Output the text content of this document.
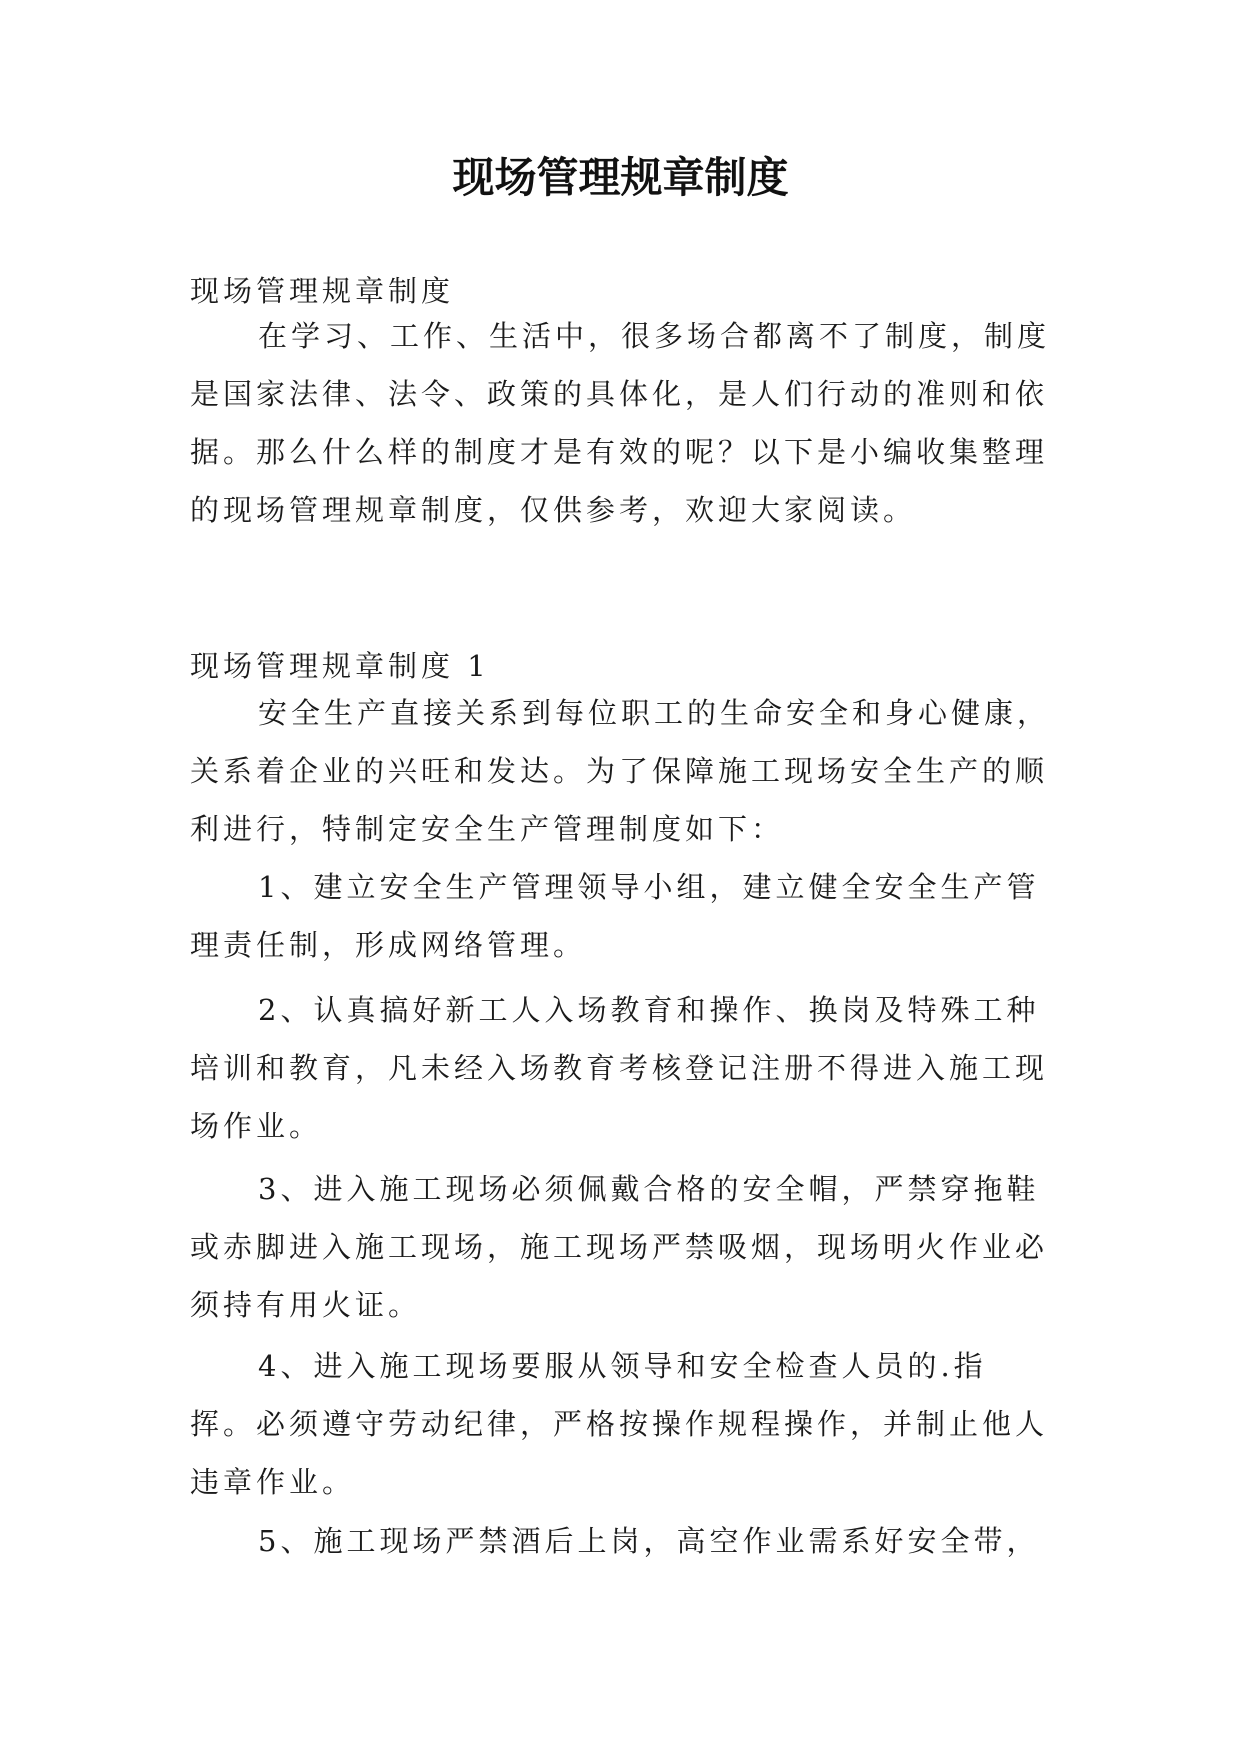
现场管理规章制度
现场管理规章制度

在学习、工作、生活中，很多场合都离不了制度，制度是国家法律、法令、政策的具体化，是人们行动的准则和依据。那么什么样的制度才是有效的呢？以下是小编收集整理的现场管理规章制度，仅供参考，欢迎大家阅读。

现场管理规章制度 1

安全生产直接关系到每位职工的生命安全和身心健康，关系着企业的兴旺和发达。为了保障施工现场安全生产的顺利进行，特制定安全生产管理制度如下：

1、建立安全生产管理领导小组，建立健全安全生产管理责任制，形成网络管理。

2、认真搞好新工人入场教育和操作、换岗及特殊工种培训和教育，凡未经入场教育考核登记注册不得进入施工现场作业。

3、进入施工现场必须佩戴合格的安全帽，严禁穿拖鞋或赤脚进入施工现场，施工现场严禁吸烟，现场明火作业必须持有用火证。

4、进入施工现场要服从领导和安全检查人员的.指挥。必须遵守劳动纪律，严格按操作规程操作，并制止他人违章作业。

5、施工现场严禁酒后上岗，高空作业需系好安全带，
